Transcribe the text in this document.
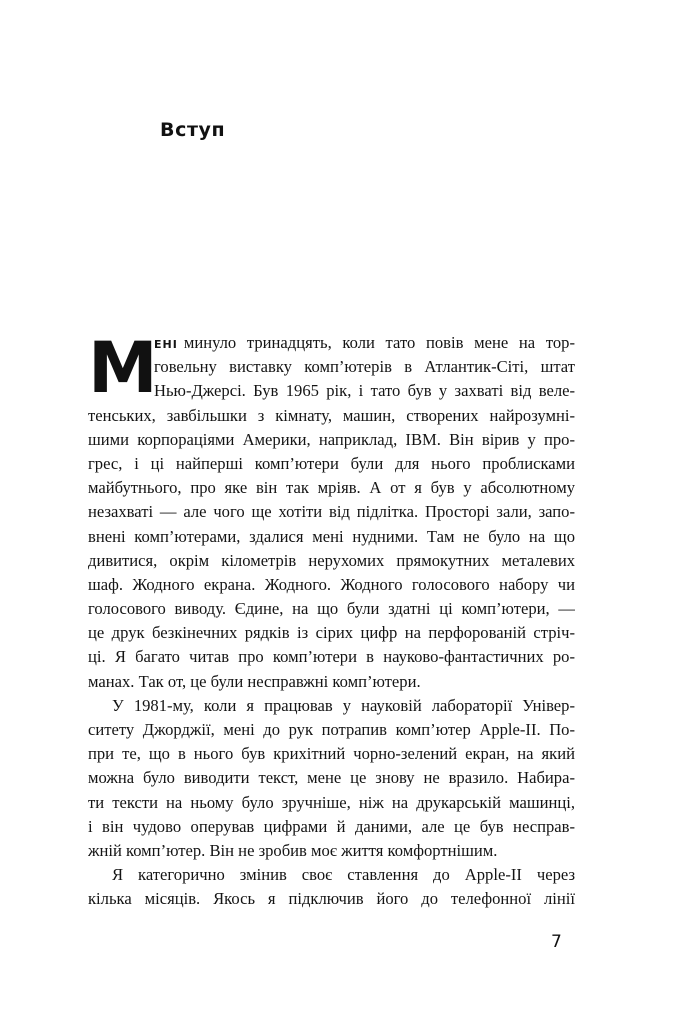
Вступ
М
ЕНІ минуло тринадцять, коли тато повів мене на тор-
говельну виставку комп’ютерів в Атлантик-Сіті, штат
Нью-Джерсі. Був 1965 рік, і тато був у захваті від веле-
тенських, завбільшки з кімнату, машин, створених найрозумні-
шими корпораціями Америки, наприклад, IBM. Він вірив у про-
грес, і ці найперші комп’ютери були для нього проблисками
майбутнього, про яке він так мріяв. А от я був у абсолютному
незахваті — але чого ще хотіти від підлітка. Просторі зали, запо-
внені комп’ютерами, здалися мені нудними. Там не було на що
дивитися, окрім кілометрів нерухомих прямокутних металевих
шаф. Жодного екрана. Жодного. Жодного голосового набору чи
голосового виводу. Єдине, на що були здатні ці комп’ютери, —
це друк безкінечних рядків із сірих цифр на перфорованій стріч-
ці. Я багато читав про комп’ютери в науково-фантастичних ро-
манах. Так от, це були несправжні комп’ютери.
У 1981-му, коли я працював у науковій лабораторії Універ-
ситету Джорджії, мені до рук потрапив комп’ютер Apple-II. По-
при те, що в нього був крихітний чорно-зелений екран, на який
можна було виводити текст, мене це знову не вразило. Набира-
ти тексти на ньому було зручніше, ніж на друкарській машинці,
і він чудово оперував цифрами й даними, але це був несправ-
жній комп’ютер. Він не зробив моє життя комфортнішим.
Я категорично змінив своє ставлення до Apple-II через
кілька місяців. Якось я підключив його до телефонної лінії
7
